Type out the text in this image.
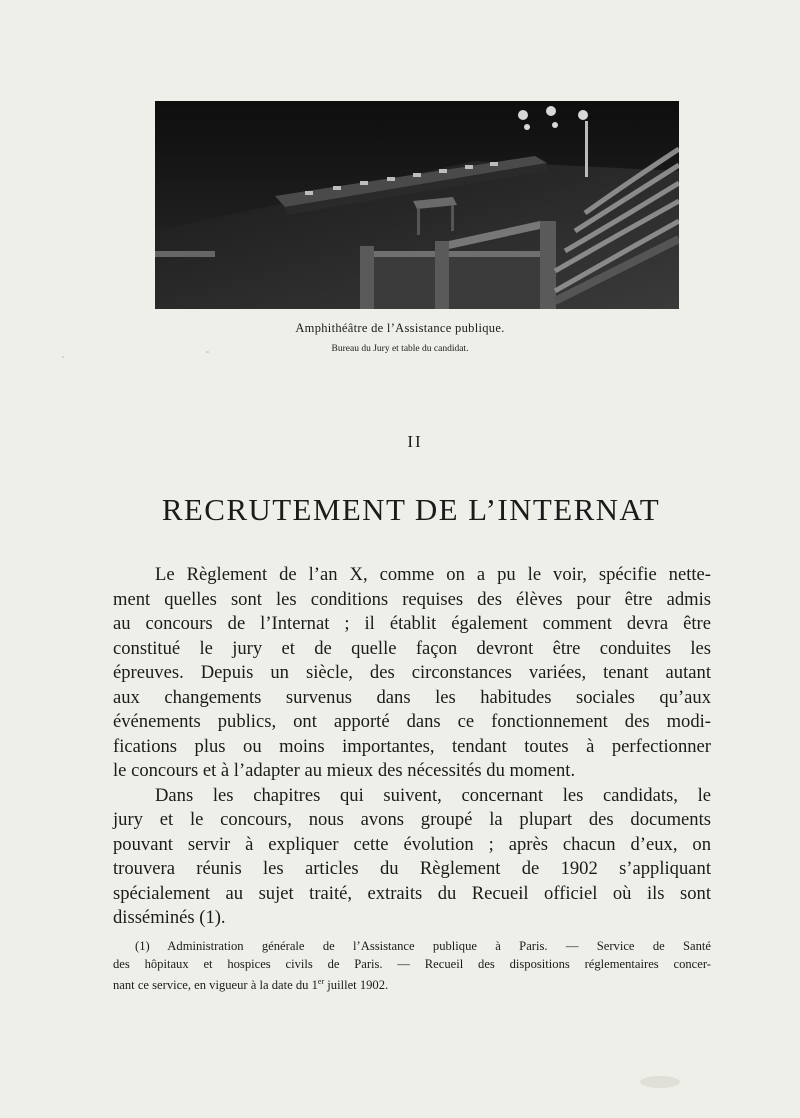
Amphithéâtre de l’Assistance publique.
Bureau du Jury et table du candidat.
II
RECRUTEMENT DE L’INTERNAT
Le Règlement de l’an X, comme on a pu le voir, spécifie nette-
ment quelles sont les conditions requises des élèves pour être admis
au concours de l’Internat ; il établit également comment devra être
constitué le jury et de quelle façon devront être conduites les
épreuves. Depuis un siècle, des circonstances variées, tenant autant
aux changements survenus dans les habitudes sociales qu’aux
événements publics, ont apporté dans ce fonctionnement des modi-
fications plus ou moins importantes, tendant toutes à perfectionner
le concours et à l’adapter au mieux des nécessités du moment.
Dans les chapitres qui suivent, concernant les candidats, le
jury et le concours, nous avons groupé la plupart des documents
pouvant servir à expliquer cette évolution ; après chacun d’eux, on
trouvera réunis les articles du Règlement de 1902 s’appliquant
spécialement au sujet traité, extraits du Recueil officiel où ils sont
disséminés (1).
(1) Administration générale de l’Assistance publique à Paris. — Service de Santé
des hôpitaux et hospices civils de Paris. — Recueil des dispositions réglementaires concer-
nant ce service, en vigueur à la date du 1er juillet 1902.
